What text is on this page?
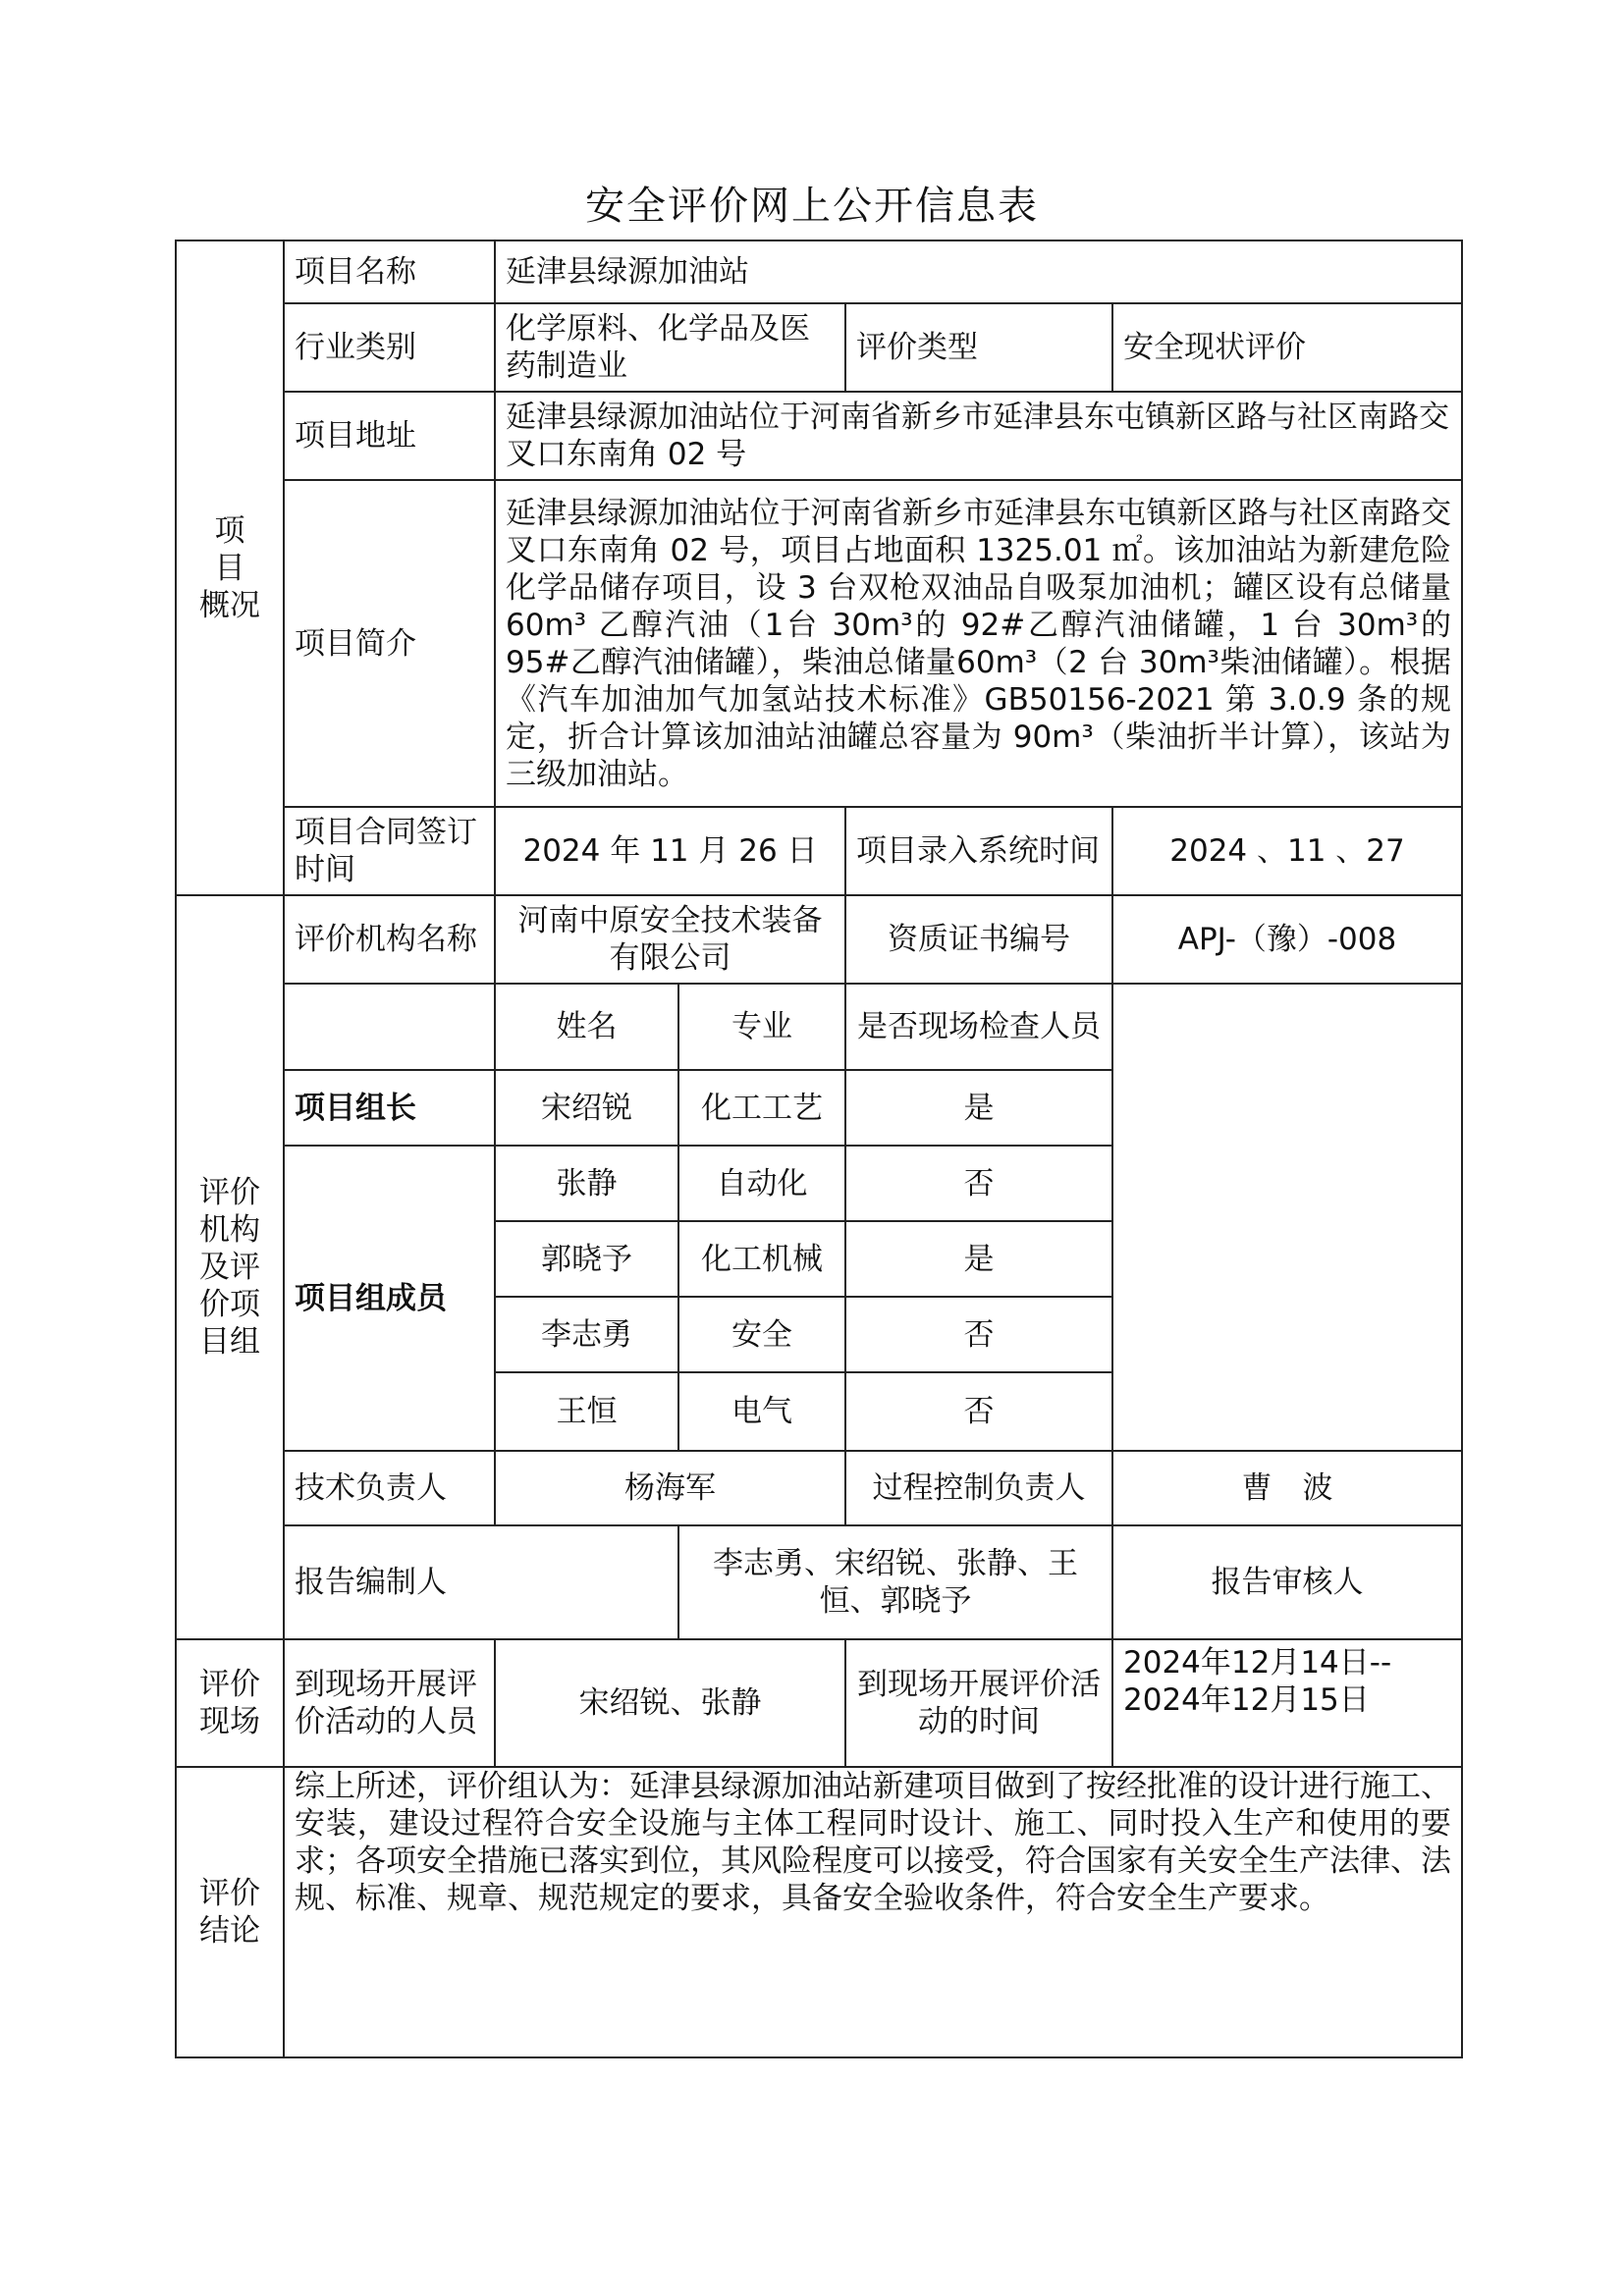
安全评价网上公开信息表
项　目
概况	项目名称	延津县绿源加油站				
	行业类别	化学原料、化学品及医药制造业		评价类型	安全现状评价	
	项目地址	延津县绿源加油站位于河南省新乡市延津县东屯镇新区路与社区南路交叉口东南角 02 号				
	项目简介	延津县绿源加油站位于河南省新乡市延津县东屯镇新区路与社区南路交叉口东南角 02 号，项目占地面积 1325.01 ㎡。该加油站为新建危险化学品储存项目，设 3 台双枪双油品自吸泵加油机；罐区设有总储量 60m³ 乙醇汽油（1台 30m³的 92#乙醇汽油储罐，1 台 30m³的 95#乙醇汽油储罐），柴油总储量60m³（2 台 30m³柴油储罐）。根据《汽车加油加气加氢站技术标准》GB50156-2021 第 3.0.9 条的规定，折合计算该加油站油罐总容量为 90m³（柴油折半计算），该站为三级加油站。				
	项目合同签订时间	2024 年 11 月 26 日		项目录入系统时间	2024 、11 、27	
评价
机构
及评
价项
目组	评价机构名称	河南中原安全技术装备有限公司		资质证书编号	APJ-（豫）-008	
		姓名	专业	是否现场检查人员		
	项目组长	宋绍锐	化工工艺	是		
	项目组成员	张静	自动化	否		
		郭晓予	化工机械	是		
		李志勇	安全	否		
		王恒	电气	否		
	技术负责人	杨海军		过程控制负责人	曹　波	
	报告编制人		李志勇、宋绍锐、张静、王恒、郭晓予		报告审核人	
评价
现场	到现场开展评价活动的人员	宋绍锐、张静		到现场开展评价活动的时间	2024年12月14日--
2024年12月15日	
评价
结论	综上所述，评价组认为：延津县绿源加油站新建项目做到了按经批准的设计进行施工、安装，建设过程符合安全设施与主体工程同时设计、施工、同时投入生产和使用的要求；各项安全措施已落实到位，其风险程度可以接受，符合国家有关安全生产法律、法规、标准、规章、规范规定的要求，具备安全验收条件，符合安全生产要求。					
